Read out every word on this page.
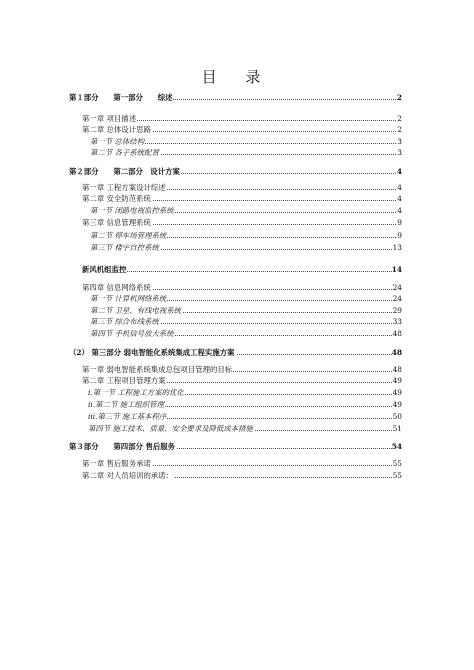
目 录
第１部分　　第一部分　　综述	2
第一章 项目描述	2
第二章 总体设计思路	2
第一节 总体结构	3
第二节 各子系统配置	3
第２部分　　第二部分　设计方案	4
第一章 工程方案设计综述	4
第二章 安全防范系统	4
第一节 闭路电视监控系统	4
第三章 信息管理系统	9
第二节 停车场管理系统	9
第三节 楼宇自控系统	13
新风机组监控	14
第四章 信息网络系统	24
第一节 计算机网络系统	24
第二节 卫星、有线电视系统	29
第三节 综合布线系统	33
第四节 手机信号放大系统	48
（2） 第三部分 弱电智能化系统集成工程实施方案	48
第一章 弱电智能系统集成总包项目管理的目标	48
第二章 工程项目管理方案	49
i.第一节 工程施工方案的优化	49
ii.第二节 施工组织管理	49
iii.第三节 施工基本程序	50
第四节 施工技术、质量、安全要求及降低成本措施	51
第３部分　　第四部分 售后服务	54
第一章 售后服务承诺	55
第二章 对人员培训的承诺：	55
